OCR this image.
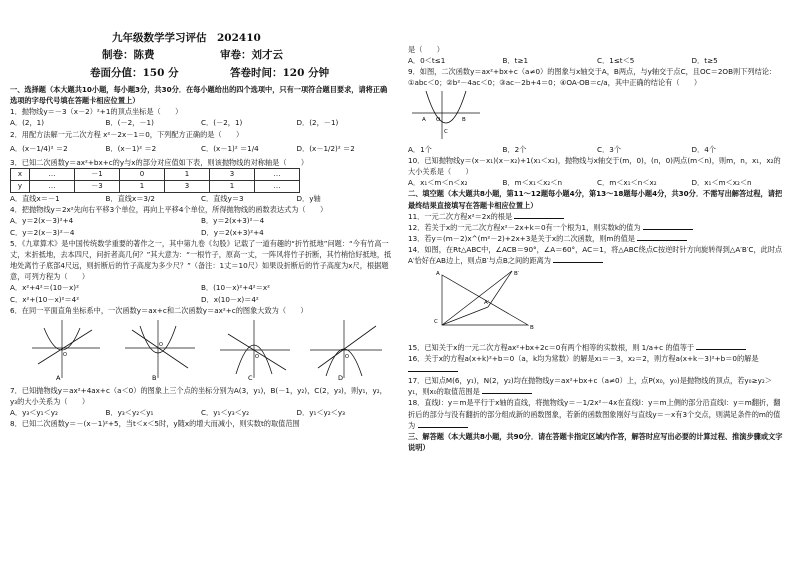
九年级数学学习评估　202410
制卷：陈费	审卷：刘才云
卷面分值：150 分	答卷时间：120 分钟
一、选择题（本大题共10小题，每小题3分，共30分．在每小题给出的四个选项中，只有一项符合题目要求，请将正确选项的字母代号填在答题卡相应位置上）
1．抛物线y＝－3（x－2）²+1的顶点坐标是（　　）
A．(2，1)	B．(－2，－1)	C．(－2，1)	D．(2，－1)
2．用配方法解一元二次方程 x²－2x－1＝0，下列配方正确的是（　　）
A．(x－1/4)² ＝2	B．(x－1)² ＝2	C．(x－1)² ＝1/4	D．(x－1/2)² ＝2
3．已知二次函数y＝ax²+bx+c的y与x的部分对应值如下表，则该抛物线的对称轴是（　　）
x	…	－1	0	1	3	…
y	…	－3	1	3	1	…
A．直线x＝－1	B．直线x＝3/2	C．直线y＝3	D．y轴
4．把抛物线y＝2x²先向右平移3个单位，再向上平移4个单位，所得抛物线的函数表达式为（　　）
A．y＝2(x－3)²+4	B．y＝2(x+3)²－4
C．y＝2(x－3)²－4	D．y＝2(x+3)²+4
5．《九章算术》是中国传统数学重要的著作之一，其中第九卷《勾股》记载了一道有趣的“折竹抵地”问题：“今有竹高一丈，末折抵地，去本四尺，问折者高几何？”其大意为：“一根竹子，原高一丈，一阵风将竹子折断，其竹梢恰好抵地，抵地处离竹子底部4尺远，则折断后的竹子高度为多少尺？”（备注：1丈＝10尺）如果设折断后的竹子高度为x尺，根据题意，可列方程为（　　）
A．x²+4²＝(10－x)²	B．(10－x)²+4²＝x²
C．x²+(10－x)²＝4²	D．x(10－x)＝4²
6．在同一平面直角坐标系中，一次函数y＝ax+c和二次函数y＝ax²+c的图象大致为（　　）
O
A
O
B
O
C
O
D
7．已知抛物线y＝ax²+4ax+c（a＜0）的图象上三个点的坐标分别为A(3，y₁)，B(－1，y₂)，C(2，y₃)，则y₁，y₂，y₃的大小关系为（　　）
A．y₃＜y₁＜y₂	B．y₃＜y₂＜y₁	C．y₁＜y₃＜y₂	D．y₁＜y₂＜y₃
8．已知二次函数y＝－(x－1)²+5，当t＜x＜5时，y随x的增大而减小，则实数t的取值范围
是（　　）
A．0＜t≤1	B．t≥1	C．1≤t＜5	D．t≥5
9．如图，二次函数y＝ax²+bx+c（a≠0）的图象与x轴交于A，B两点，与y轴交于点C，且OC＝2OB则下列结论：①abc＜0；②b²－4ac＜0；③ac－2b+4＝0；④OA·OB＝c/a，其中正确的结论有（　　）
A O	B
C
A．1个	B．2个	C．3个	D．4个
10．已知抛物线y＝(x－x₁)(x－x₂)+1(x₁＜x₂)，抛物线与x轴交于(m，0)，(n，0)两点(m＜n)，则m，n，x₁，x₂的大小关系是（　　）
A．x₁＜m＜n＜x₂	B．m＜x₁＜x₂＜n	C．m＜x₁＜n＜x₂	D．x₁＜m＜x₂＜n
二、填空题（本大题共8小题，第11～12题每小题4分，第13～18题每小题4分，共30分．不需写出解答过程，请把最终结果直接填写在答题卡相应位置上）
11．一元二次方程x²＝2x的根是
12．若关于x的一元二次方程x²－2x+k＝0有一个根为1，则实数k的值为
13．若y＝(m－2)x^(m²－2)+2x+3是关于x的二次函数，则m的值是
14．如图，在Rt△ABC中，∠ACB＝90°，∠A＝60°，AC＝1，将△ABC绕点C按逆时针方向旋转得到△A′B′C，此时点A′恰好在AB边上，则点B′与点B之间的距离为
B′
C
A
A′
B
15．已知关于x的一元二次方程ax²+bx+2c＝0有两个相等的实数根，则 1/a+c 的值等于
16．关于x的方程a(x+k)²+b＝0（a，k均为常数）的解是x₁＝－3，x₂＝2，则方程a(x+k－3)²+b＝0的解是
17．已知点M(6，y₁)，N(2，y₂)均在抛物线y＝ax²+bx+c（a≠0）上，点P(x₀，y₀)是抛物线的顶点，若y₀≥y₂＞y₁，则x₀的取值范围是
18．直线l：y＝m是平行于x轴的直线，将抛物线y＝－1/2x²－4x在直线l：y＝m上侧的部分沿直线l：y＝m翻折，翻折后的部分与没有翻折的部分组成新的函数图象，若新的函数图象刚好与直线y＝－x有3个交点，则满足条件的m的值为
三、解答题（本大题共8小题，共90分．请在答题卡指定区域内作答，解答时应写出必要的计算过程、推演步骤或文字说明）
